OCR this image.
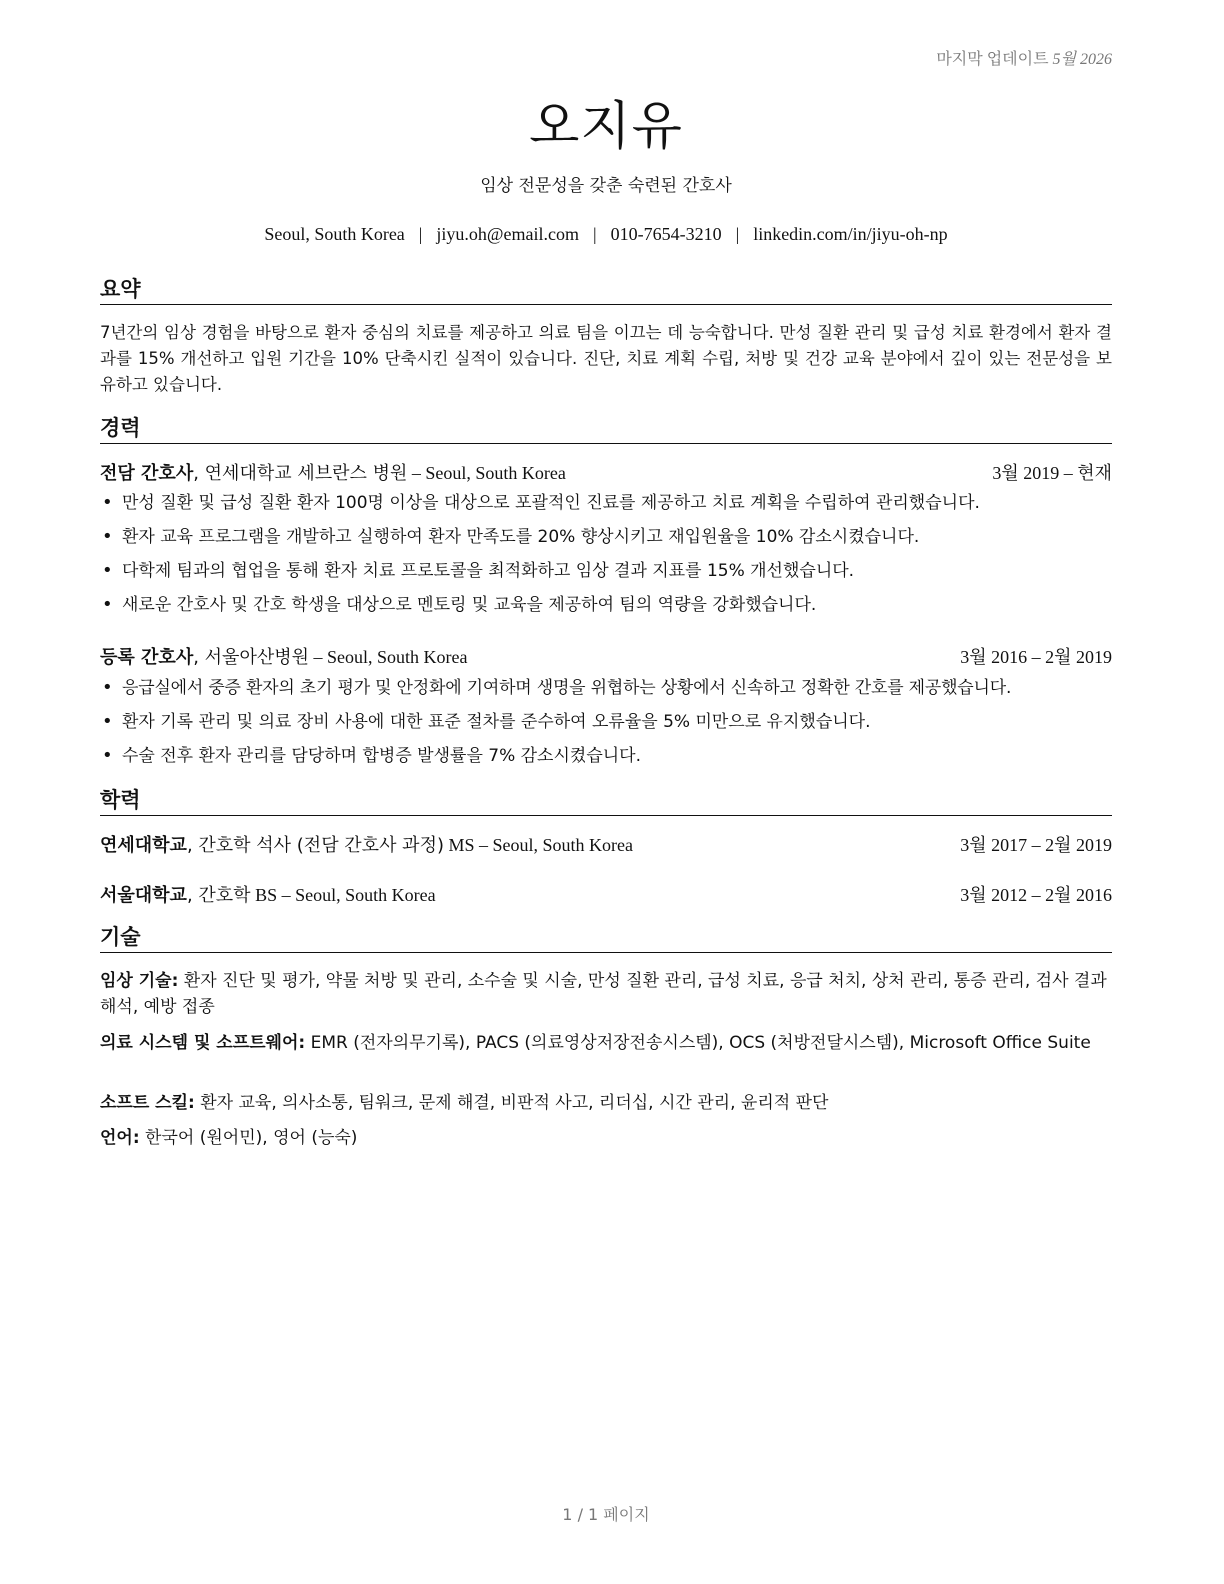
마지막 업데이트 5월 2026
오지유
임상 전문성을 갖춘 숙련된 간호사
Seoul, South Korea | jiyu.oh@email.com | 010-7654-3210 | linkedin.com/in/jiyu-oh-np
요약
7년간의 임상 경험을 바탕으로 환자 중심의 치료를 제공하고 의료 팀을 이끄는 데 능숙합니다. 만성 질환 관리 및 급성 치료 환경에서 환자 결과를 15% 개선하고 입원 기간을 10% 단축시킨 실적이 있습니다. 진단, 치료 계획 수립, 처방 및 건강 교육 분야에서 깊이 있는 전문성을 보유하고 있습니다.
경력
전담 간호사, 연세대학교 세브란스 병원 – Seoul, South Korea	3월 2019 – 현재
• 만성 질환 및 급성 질환 환자 100명 이상을 대상으로 포괄적인 진료를 제공하고 치료 계획을 수립하여 관리했습니다.
• 환자 교육 프로그램을 개발하고 실행하여 환자 만족도를 20% 향상시키고 재입원율을 10% 감소시켰습니다.
• 다학제 팀과의 협업을 통해 환자 치료 프로토콜을 최적화하고 임상 결과 지표를 15% 개선했습니다.
• 새로운 간호사 및 간호 학생을 대상으로 멘토링 및 교육을 제공하여 팀의 역량을 강화했습니다.
등록 간호사, 서울아산병원 – Seoul, South Korea	3월 2016 – 2월 2019
• 응급실에서 중증 환자의 초기 평가 및 안정화에 기여하며 생명을 위협하는 상황에서 신속하고 정확한 간호를 제공했습니다.
• 환자 기록 관리 및 의료 장비 사용에 대한 표준 절차를 준수하여 오류율을 5% 미만으로 유지했습니다.
• 수술 전후 환자 관리를 담당하며 합병증 발생률을 7% 감소시켰습니다.
학력
연세대학교, 간호학 석사 (전담 간호사 과정) MS – Seoul, South Korea	3월 2017 – 2월 2019
서울대학교, 간호학 BS – Seoul, South Korea	3월 2012 – 2월 2016
기술
임상 기술: 환자 진단 및 평가, 약물 처방 및 관리, 소수술 및 시술, 만성 질환 관리, 급성 치료, 응급 처치, 상처 관리, 통증 관리, 검사 결과 해석, 예방 접종
의료 시스템 및 소프트웨어: EMR (전자의무기록), PACS (의료영상저장전송시스템), OCS (처방전달시스템), Microsoft Office Suite
소프트 스킬: 환자 교육, 의사소통, 팀워크, 문제 해결, 비판적 사고, 리더십, 시간 관리, 윤리적 판단
언어: 한국어 (원어민), 영어 (능숙)
1 / 1 페이지
